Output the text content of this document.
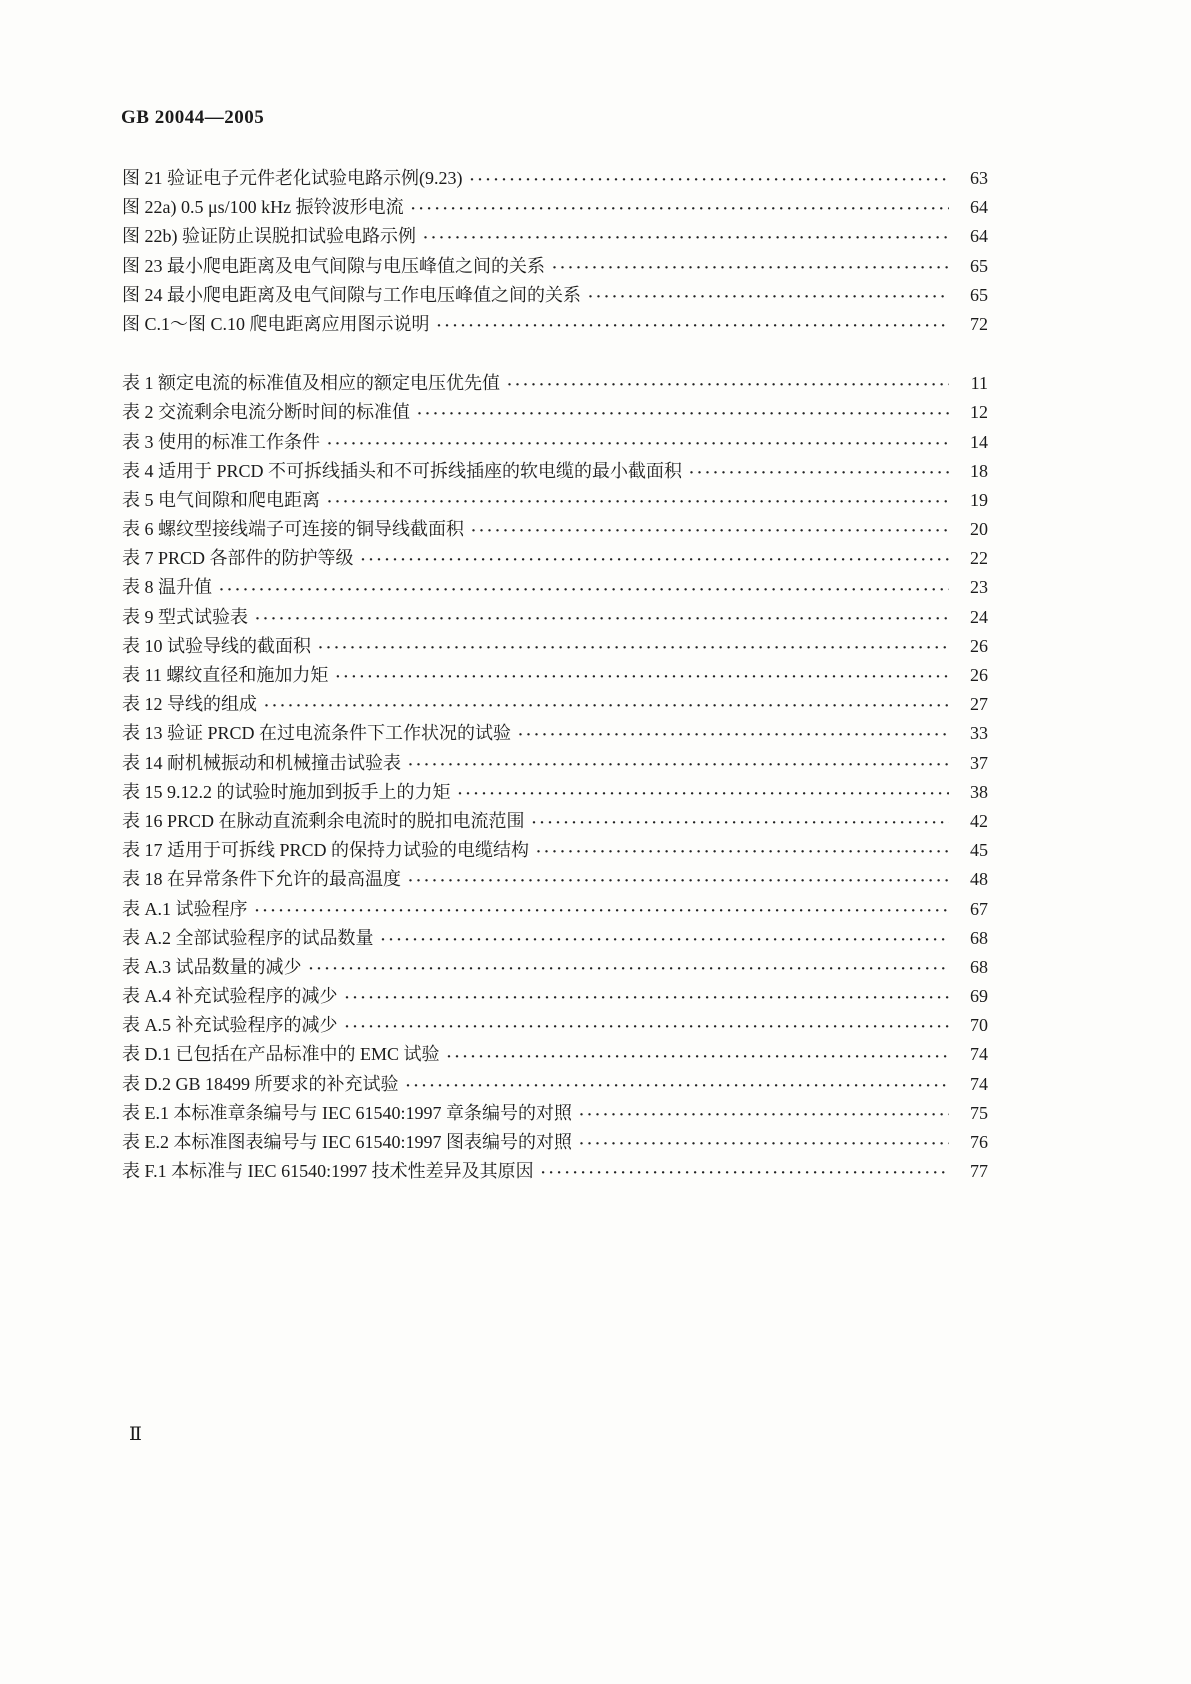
GB 20044—2005
图 21 验证电子元件老化试验电路示例(9.23) ·····	63
图 22a) 0.5 μs/100 kHz 振铃波形电流 ·····	64
图 22b) 验证防止误脱扣试验电路示例 ·····	64
图 23 最小爬电距离及电气间隙与电压峰值之间的关系 ·····	65
图 24 最小爬电距离及电气间隙与工作电压峰值之间的关系 ·····	65
图 C.1～图 C.10 爬电距离应用图示说明 ·····	72
表 1 额定电流的标准值及相应的额定电压优先值 ·····	11
表 2 交流剩余电流分断时间的标准值 ·····	12
表 3 使用的标准工作条件 ·····	14
表 4 适用于 PRCD 不可拆线插头和不可拆线插座的软电缆的最小截面积 ·····	18
表 5 电气间隙和爬电距离 ·····	19
表 6 螺纹型接线端子可连接的铜导线截面积 ·····	20
表 7 PRCD 各部件的防护等级 ·····	22
表 8 温升值 ·····	23
表 9 型式试验表 ·····	24
表 10 试验导线的截面积 ·····	26
表 11 螺纹直径和施加力矩 ·····	26
表 12 导线的组成 ·····	27
表 13 验证 PRCD 在过电流条件下工作状况的试验 ·····	33
表 14 耐机械振动和机械撞击试验表 ·····	37
表 15 9.12.2 的试验时施加到扳手上的力矩 ·····	38
表 16 PRCD 在脉动直流剩余电流时的脱扣电流范围 ·····	42
表 17 适用于可拆线 PRCD 的保持力试验的电缆结构 ·····	45
表 18 在异常条件下允许的最高温度 ·····	48
表 A.1 试验程序 ·····	67
表 A.2 全部试验程序的试品数量 ·····	68
表 A.3 试品数量的减少 ·····	68
表 A.4 补充试验程序的减少 ·····	69
表 A.5 补充试验程序的减少 ·····	70
表 D.1 已包括在产品标准中的 EMC 试验 ·····	74
表 D.2 GB 18499 所要求的补充试验 ·····	74
表 E.1 本标准章条编号与 IEC 61540:1997 章条编号的对照 ·····	75
表 E.2 本标准图表编号与 IEC 61540:1997 图表编号的对照 ·····	76
表 F.1 本标准与 IEC 61540:1997 技术性差异及其原因 ·····	77
Ⅱ
